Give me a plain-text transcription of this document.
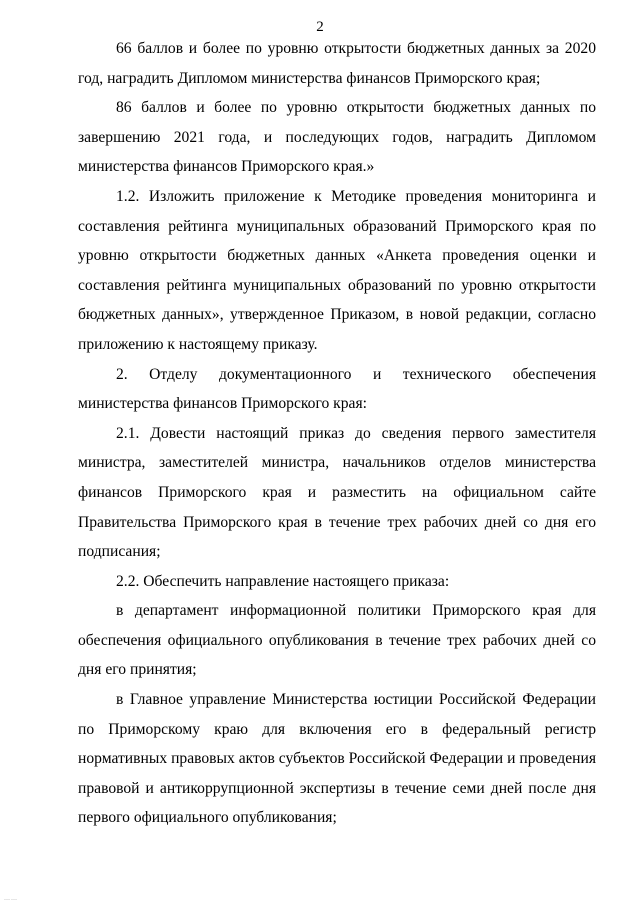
2

66 баллов и более по уровню открытости бюджетных данных за 2020 год, наградить Дипломом министерства финансов Приморского края;

86 баллов и более по уровню открытости бюджетных данных по завершению 2021 года, и последующих годов, наградить Дипломом министерства финансов Приморского края.»

1.2. Изложить приложение к Методике проведения мониторинга и составления рейтинга муниципальных образований Приморского края по уровню открытости бюджетных данных «Анкета проведения оценки и составления рейтинга муниципальных образований по уровню открытости бюджетных данных», утвержденное Приказом, в новой редакции, согласно приложению к настоящему приказу.

2. Отделу документационного и технического обеспечения министерства финансов Приморского края:

2.1. Довести настоящий приказ до сведения первого заместителя министра, заместителей министра, начальников отделов министерства финансов Приморского края и разместить на официальном сайте Правительства Приморского края в течение трех рабочих дней со дня его подписания;

2.2. Обеспечить направление настоящего приказа:

в департамент информационной политики Приморского края для обеспечения официального опубликования в течение трех рабочих дней со дня его принятия;

в Главное управление Министерства юстиции Российской Федерации по Приморскому краю для включения его в федеральный регистр нормативных правовых актов субъектов Российской Федерации и проведения правовой и антикоррупционной экспертизы в течение семи дней после дня первого официального опубликования;

……
